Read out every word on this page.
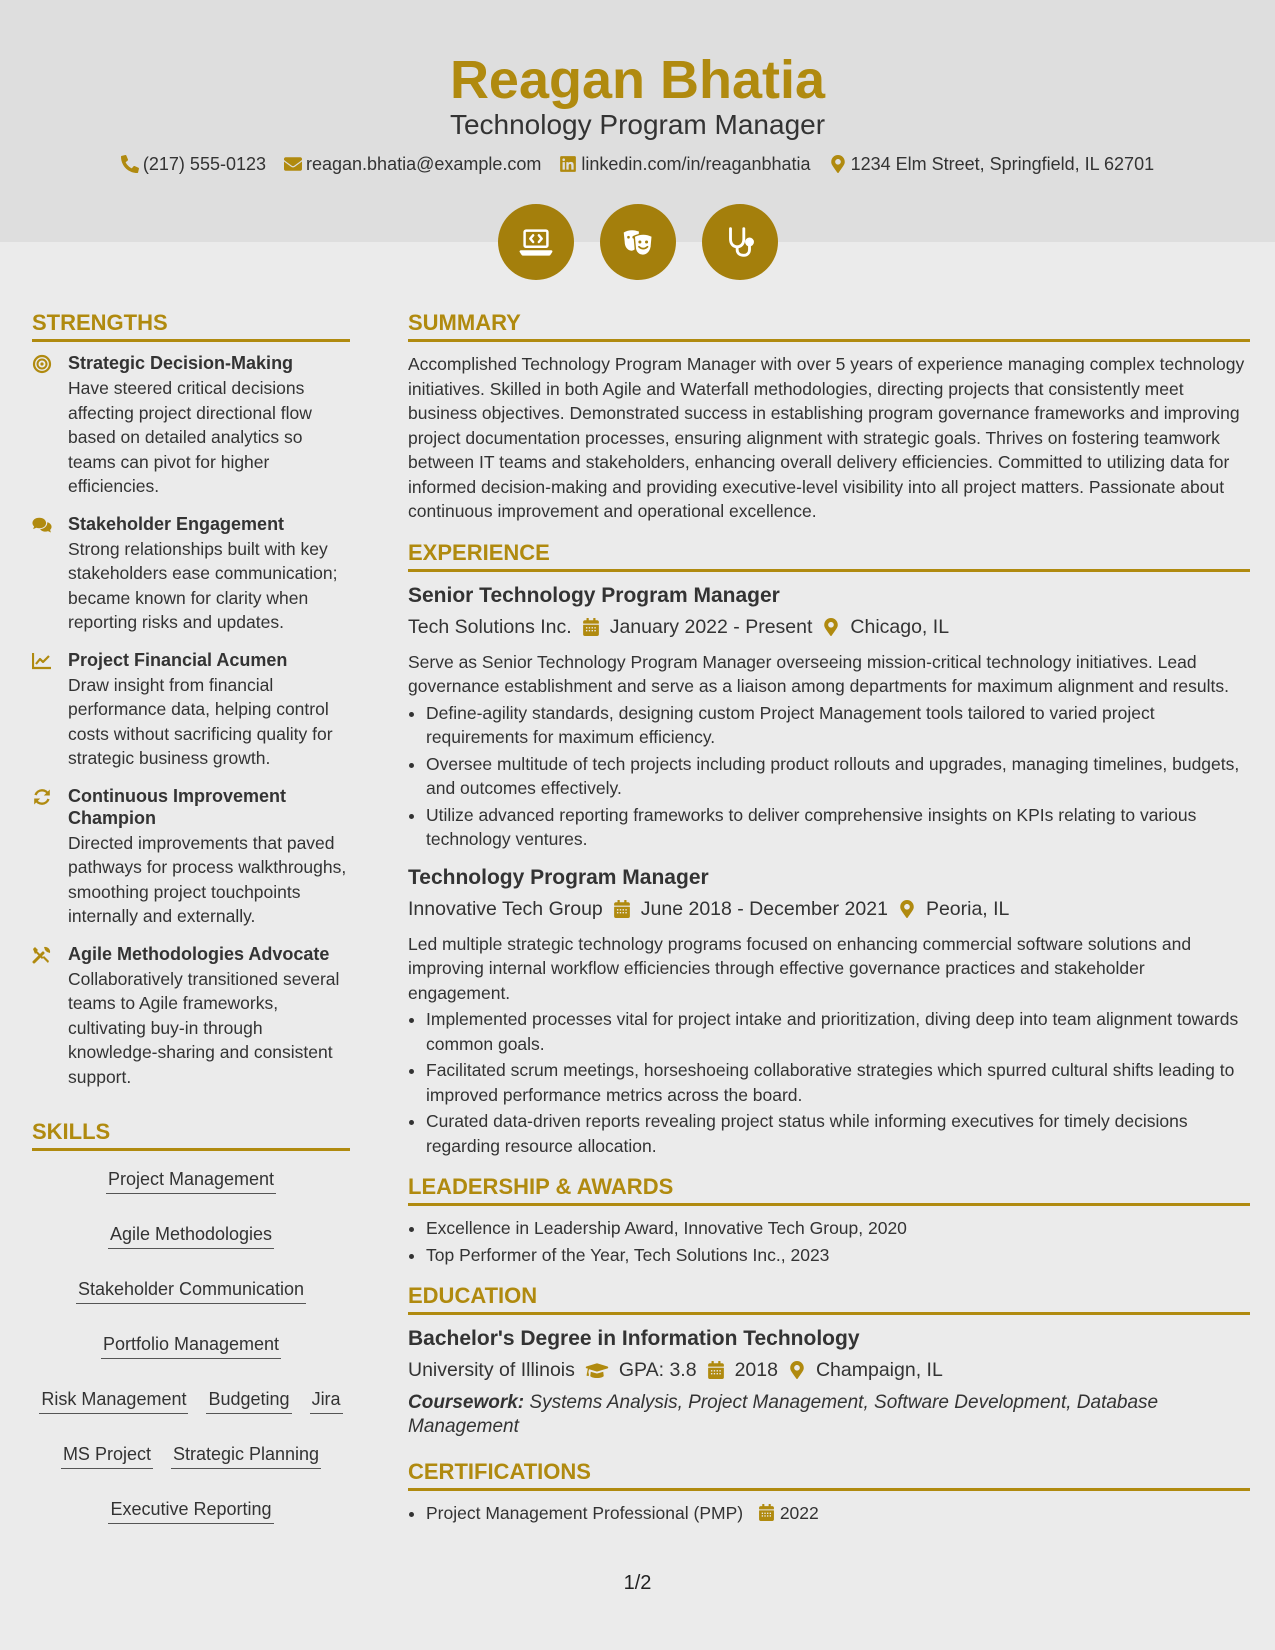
Reagan Bhatia
Technology Program Manager
(217) 555-0123 reagan.bhatia@example.com linkedin.com/in/reaganbhatia 1234 Elm Street, Springfield, IL 62701
STRENGTHS
Strategic Decision-Making
Have steered critical decisions affecting project directional flow based on detailed analytics so teams can pivot for higher efficiencies.
Stakeholder Engagement
Strong relationships built with key stakeholders ease communication; became known for clarity when reporting risks and updates.
Project Financial Acumen
Draw insight from financial performance data, helping control costs without sacrificing quality for strategic business growth.
Continuous Improvement Champion
Directed improvements that paved pathways for process walkthroughs, smoothing project touchpoints internally and externally.
Agile Methodologies Advocate
Collaboratively transitioned several teams to Agile frameworks, cultivating buy-in through knowledge-sharing and consistent support.
SKILLS
Project Management
Agile Methodologies
Stakeholder Communication
Portfolio Management
Risk Management Budgeting Jira
MS Project Strategic Planning
Executive Reporting
SUMMARY
Accomplished Technology Program Manager with over 5 years of experience managing complex technology initiatives. Skilled in both Agile and Waterfall methodologies, directing projects that consistently meet business objectives. Demonstrated success in establishing program governance frameworks and improving project documentation processes, ensuring alignment with strategic goals. Thrives on fostering teamwork between IT teams and stakeholders, enhancing overall delivery efficiencies. Committed to utilizing data for informed decision-making and providing executive-level visibility into all project matters. Passionate about continuous improvement and operational excellence.
EXPERIENCE
Senior Technology Program Manager
Tech Solutions Inc. January 2022 - Present Chicago, IL
Serve as Senior Technology Program Manager overseeing mission-critical technology initiatives. Lead governance establishment and serve as a liaison among departments for maximum alignment and results.
• Define-agility standards, designing custom Project Management tools tailored to varied project requirements for maximum efficiency.
• Oversee multitude of tech projects including product rollouts and upgrades, managing timelines, budgets, and outcomes effectively.
• Utilize advanced reporting frameworks to deliver comprehensive insights on KPIs relating to various technology ventures.
Technology Program Manager
Innovative Tech Group June 2018 - December 2021 Peoria, IL
Led multiple strategic technology programs focused on enhancing commercial software solutions and improving internal workflow efficiencies through effective governance practices and stakeholder engagement.
• Implemented processes vital for project intake and prioritization, diving deep into team alignment towards common goals.
• Facilitated scrum meetings, horseshoeing collaborative strategies which spurred cultural shifts leading to improved performance metrics across the board.
• Curated data-driven reports revealing project status while informing executives for timely decisions regarding resource allocation.
LEADERSHIP & AWARDS
• Excellence in Leadership Award, Innovative Tech Group, 2020
• Top Performer of the Year, Tech Solutions Inc., 2023
EDUCATION
Bachelor's Degree in Information Technology
University of Illinois GPA: 3.8 2018 Champaign, IL
Coursework: Systems Analysis, Project Management, Software Development, Database Management
CERTIFICATIONS
• Project Management Professional (PMP) 2022
1/2
